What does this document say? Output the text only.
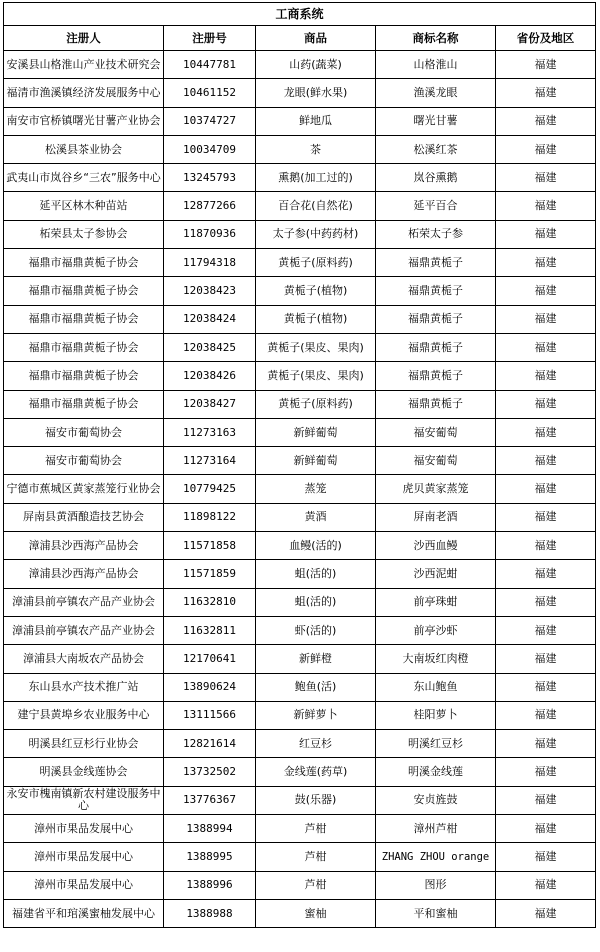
工商系统				
注册人	注册号	商品	商标名称	省份及地区
安溪县山格淮山产业技术研究会	10447781	山药(蔬菜)	山格淮山	福建
福清市渔溪镇经济发展服务中心	10461152	龙眼(鲜水果)	渔溪龙眼	福建
南安市官桥镇曙光甘薯产业协会	10374727	鲜地瓜	曙光甘薯	福建
松溪县茶业协会	10034709	茶	松溪红茶	福建
武夷山市岚谷乡“三农”服务中心	13245793	熏鹅(加工过的)	岚谷熏鹅	福建
延平区林木种苗站	12877266	百合花(自然花)	延平百合	福建
柘荣县太子参协会	11870936	太子参(中药药材)	柘荣太子参	福建
福鼎市福鼎黄栀子协会	11794318	黄栀子(原料药)	福鼎黄栀子	福建
福鼎市福鼎黄栀子协会	12038423	黄栀子(植物)	福鼎黄栀子	福建
福鼎市福鼎黄栀子协会	12038424	黄栀子(植物)	福鼎黄栀子	福建
福鼎市福鼎黄栀子协会	12038425	黄栀子(果皮、果肉)	福鼎黄栀子	福建
福鼎市福鼎黄栀子协会	12038426	黄栀子(果皮、果肉)	福鼎黄栀子	福建
福鼎市福鼎黄栀子协会	12038427	黄栀子(原料药)	福鼎黄栀子	福建
福安市葡萄协会	11273163	新鲜葡萄	福安葡萄	福建
福安市葡萄协会	11273164	新鲜葡萄	福安葡萄	福建
宁德市蕉城区黄家蒸笼行业协会	10779425	蒸笼	虎贝黄家蒸笼	福建
屏南县黄酒酿造技艺协会	11898122	黄酒	屏南老酒	福建
漳浦县沙西海产品协会	11571858	血鳗(活的)	沙西血鳗	福建
漳浦县沙西海产品协会	11571859	蛆(活的)	沙西泥蚶	福建
漳浦县前亭镇农产品产业协会	11632810	蛆(活的)	前亭珠蚶	福建
漳浦县前亭镇农产品产业协会	11632811	虾(活的)	前亭沙虾	福建
漳浦县大南坂农产品协会	12170641	新鲜橙	大南坂红肉橙	福建
东山县水产技术推广站	13890624	鲍鱼(活)	东山鲍鱼	福建
建宁县黄埠乡农业服务中心	13111566	新鲜萝卜	桂阳萝卜	福建
明溪县红豆杉行业协会	12821614	红豆杉	明溪红豆杉	福建
明溪县金线莲协会	13732502	金线莲(药草)	明溪金线莲	福建
永安市槐南镇新农村建设服务中心	13776367	鼓(乐器)	安贞旌鼓	福建
漳州市果品发展中心	1388994	芦柑	漳州芦柑	福建
漳州市果品发展中心	1388995	芦柑	ZHANG ZHOU orange	福建
漳州市果品发展中心	1388996	芦柑	图形	福建
福建省平和琯溪蜜柚发展中心	1388988	蜜柚	平和蜜柚	福建
